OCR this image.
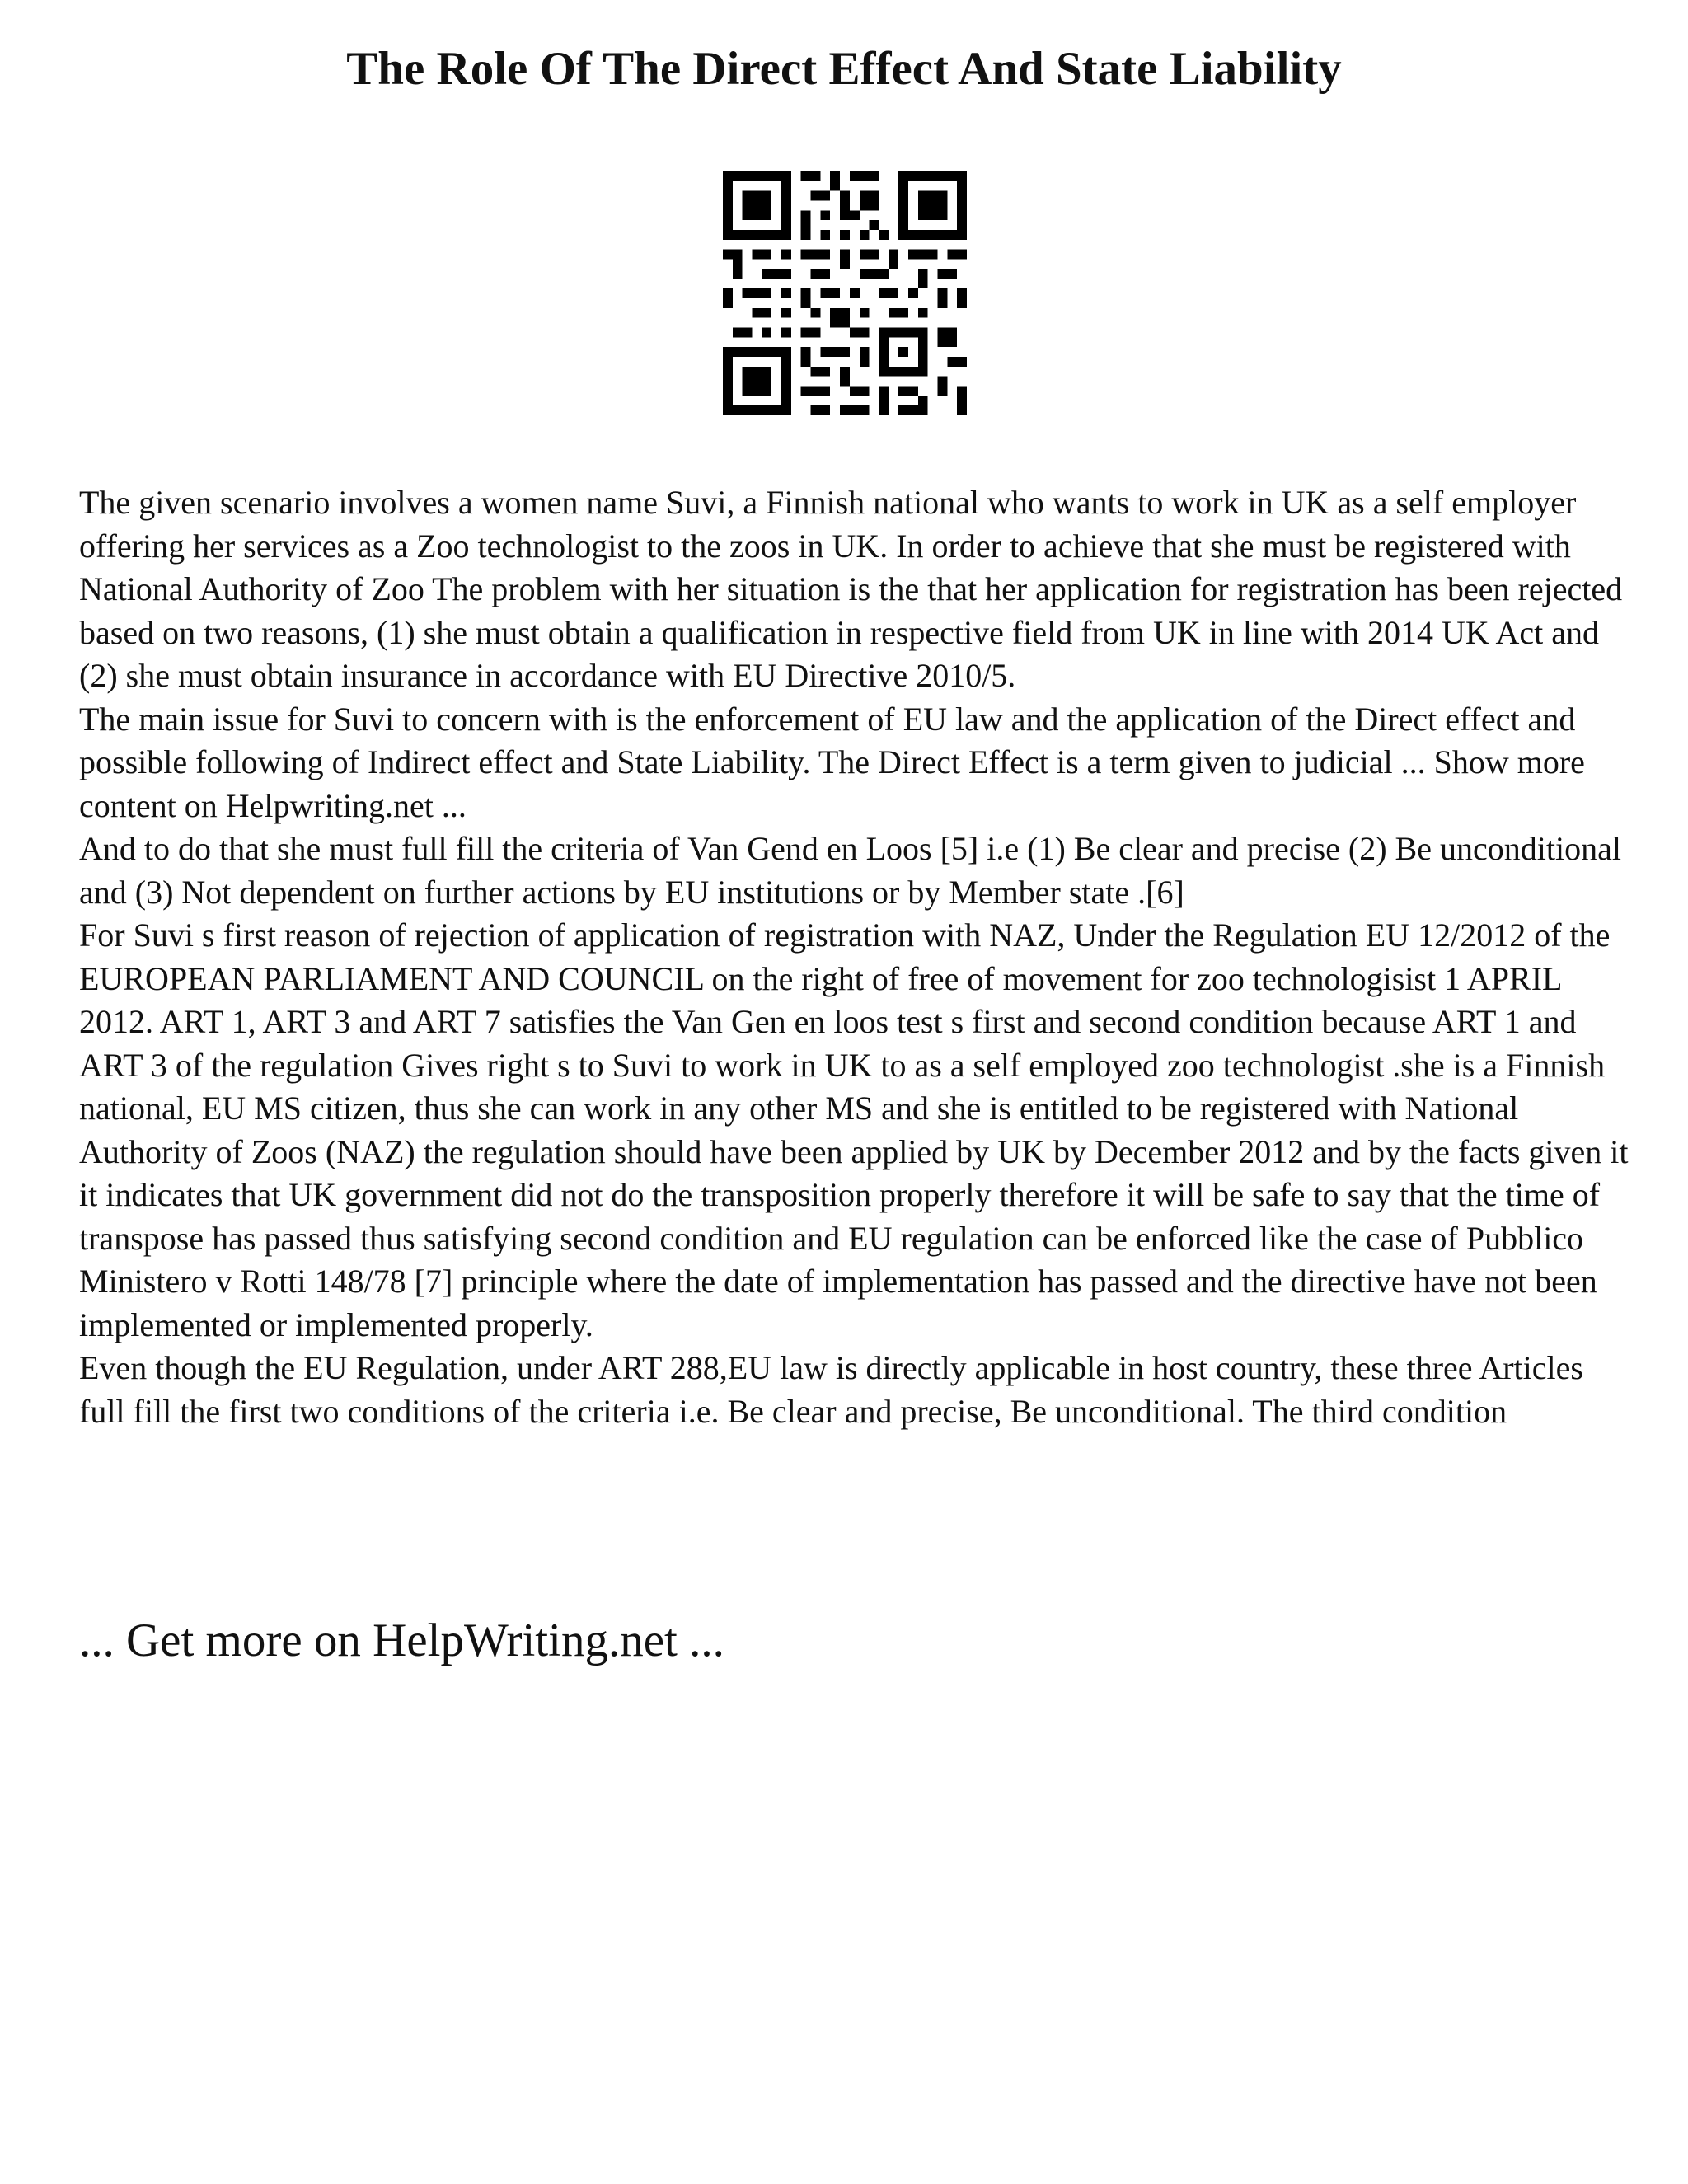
The Role Of The Direct Effect And State Liability

The given scenario involves a women name Suvi, a Finnish national who wants to work in UK as a self employer offering her services as a Zoo technologist to the zoos in UK. In order to achieve that she must be registered with National Authority of Zoo The problem with her situation is the that her application for registration has been rejected based on two reasons, (1) she must obtain a qualification in respective field from UK in line with 2014 UK Act and (2) she must obtain insurance in accordance with EU Directive 2010/5.

The main issue for Suvi to concern with is the enforcement of EU law and the application of the Direct effect and possible following of Indirect effect and State Liability. The Direct Effect is a term given to judicial ... Show more content on Helpwriting.net ...

And to do that she must full fill the criteria of Van Gend en Loos [5] i.e (1) Be clear and precise (2) Be unconditional and (3) Not dependent on further actions by EU institutions or by Member state .[6]

For Suvi s first reason of rejection of application of registration with NAZ, Under the Regulation EU 12/2012 of the EUROPEAN PARLIAMENT AND COUNCIL on the right of free of movement for zoo technologisist 1 APRIL 2012. ART 1, ART 3 and ART 7 satisfies the Van Gen en loos test s first and second condition because ART 1 and ART 3 of the regulation Gives right s to Suvi to work in UK to as a self employed zoo technologist .she is a Finnish national, EU MS citizen, thus she can work in any other MS and she is entitled to be registered with National Authority of Zoos (NAZ) the regulation should have been applied by UK by December 2012 and by the facts given it it indicates that UK government did not do the transposition properly therefore it will be safe to say that the time of transpose has passed thus satisfying second condition and EU regulation can be enforced like the case of Pubblico Ministero v Rotti 148/78 [7] principle where the date of implementation has passed and the directive have not been implemented or implemented properly.

Even though the EU Regulation, under ART 288,EU law is directly applicable in host country, these three Articles full fill the first two conditions of the criteria i.e. Be clear and precise, Be unconditional. The third condition

... Get more on HelpWriting.net ...
